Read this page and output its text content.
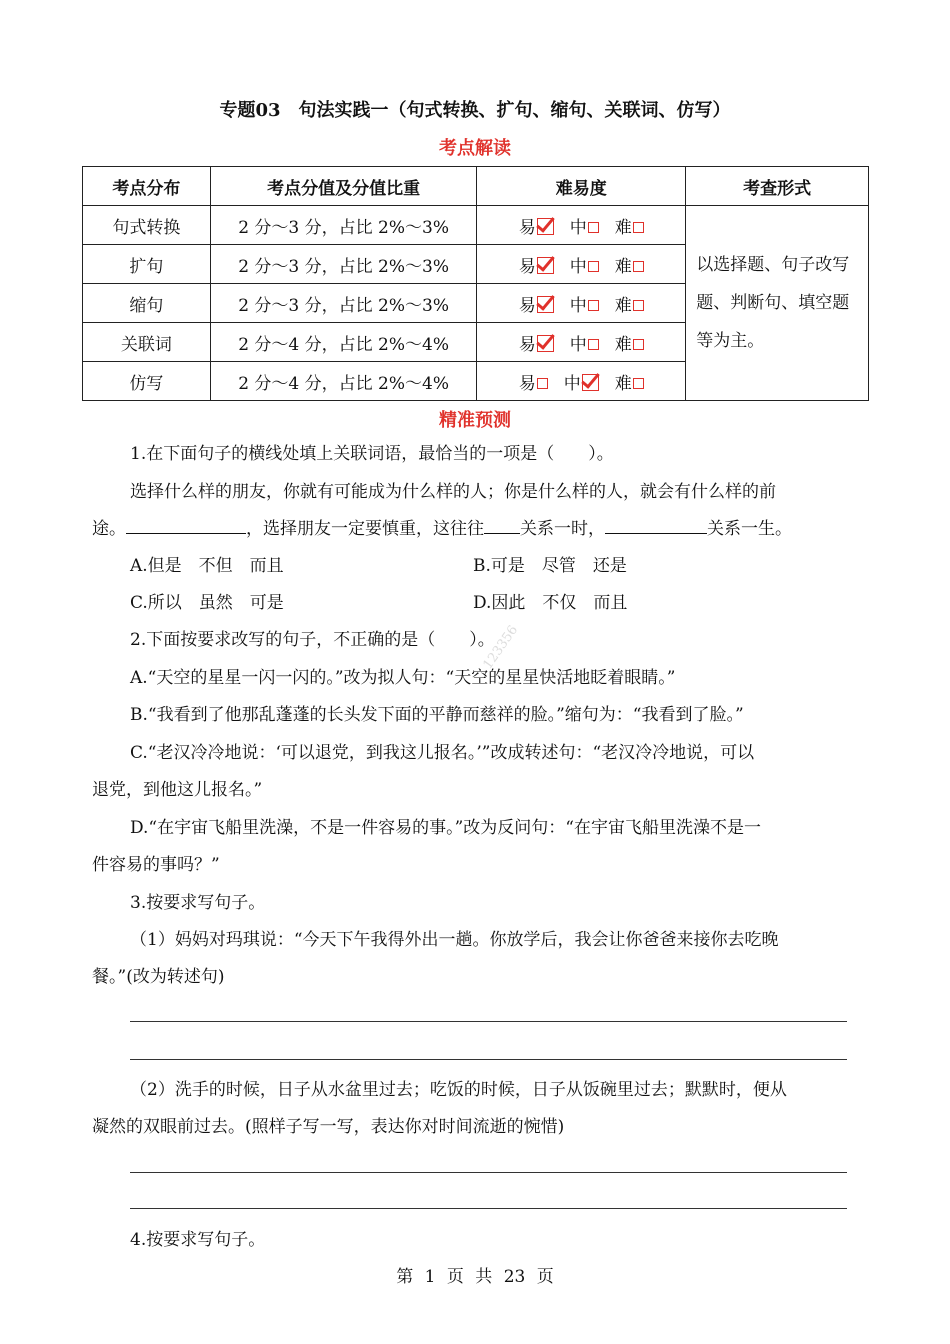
专题03　句法实践一（句式转换、扩句、缩句、关联词、仿写）
考点解读
考点分布	考点分值及分值比重	难易度	考查形式
句式转换	2 分～3 分，占比 2%～3%	易 中 难	以选择题、句子改写题、判断句、填空题等为主。
扩句	2 分～3 分，占比 2%～3%	易 中 难	

缩句	2 分～3 分，占比 2%～3%	易 中 难	

关联词	2 分～4 分，占比 2%～4%	易 中 难	

仿写	2 分～4 分，占比 2%～4%	易 中 难	
精准预测
1.在下面句子的横线处填上关联词语，最恰当的一项是（　　）。
选择什么样的朋友，你就有可能成为什么样的人；你是什么样的人，就会有什么样的前
途。	，选择朋友一定要慎重，这往往 关系一时，	关系一生。
A.但是　不但　而且	B.可是　尽管　还是
C.所以　虽然　可是	D.因此　不仅　而且
2.下面按要求改写的句子，不正确的是（　　）。
A.“天空的星星一闪一闪的。”改为拟人句：“天空的星星快活地眨着眼睛。”
B.“我看到了他那乱蓬蓬的长头发下面的平静而慈祥的脸。”缩句为：“我看到了脸。”
C.“老汉冷冷地说：‘可以退党，到我这儿报名。’”改成转述句：“老汉冷冷地说，可以
退党，到他这儿报名。”
D.“在宇宙飞船里洗澡，不是一件容易的事。”改为反问句：“在宇宙飞船里洗澡不是一
件容易的事吗？”
3.按要求写句子。
（1）妈妈对玛琪说：“今天下午我得外出一趟。你放学后，我会让你爸爸来接你去吃晚
餐。”(改为转述句)
（2）洗手的时候，日子从水盆里过去；吃饭的时候，日子从饭碗里过去；默默时，便从
凝然的双眼前过去。(照样子写一写，表达你对时间流逝的惋惜)
4.按要求写句子。
第 1 页 共 23 页
123356
